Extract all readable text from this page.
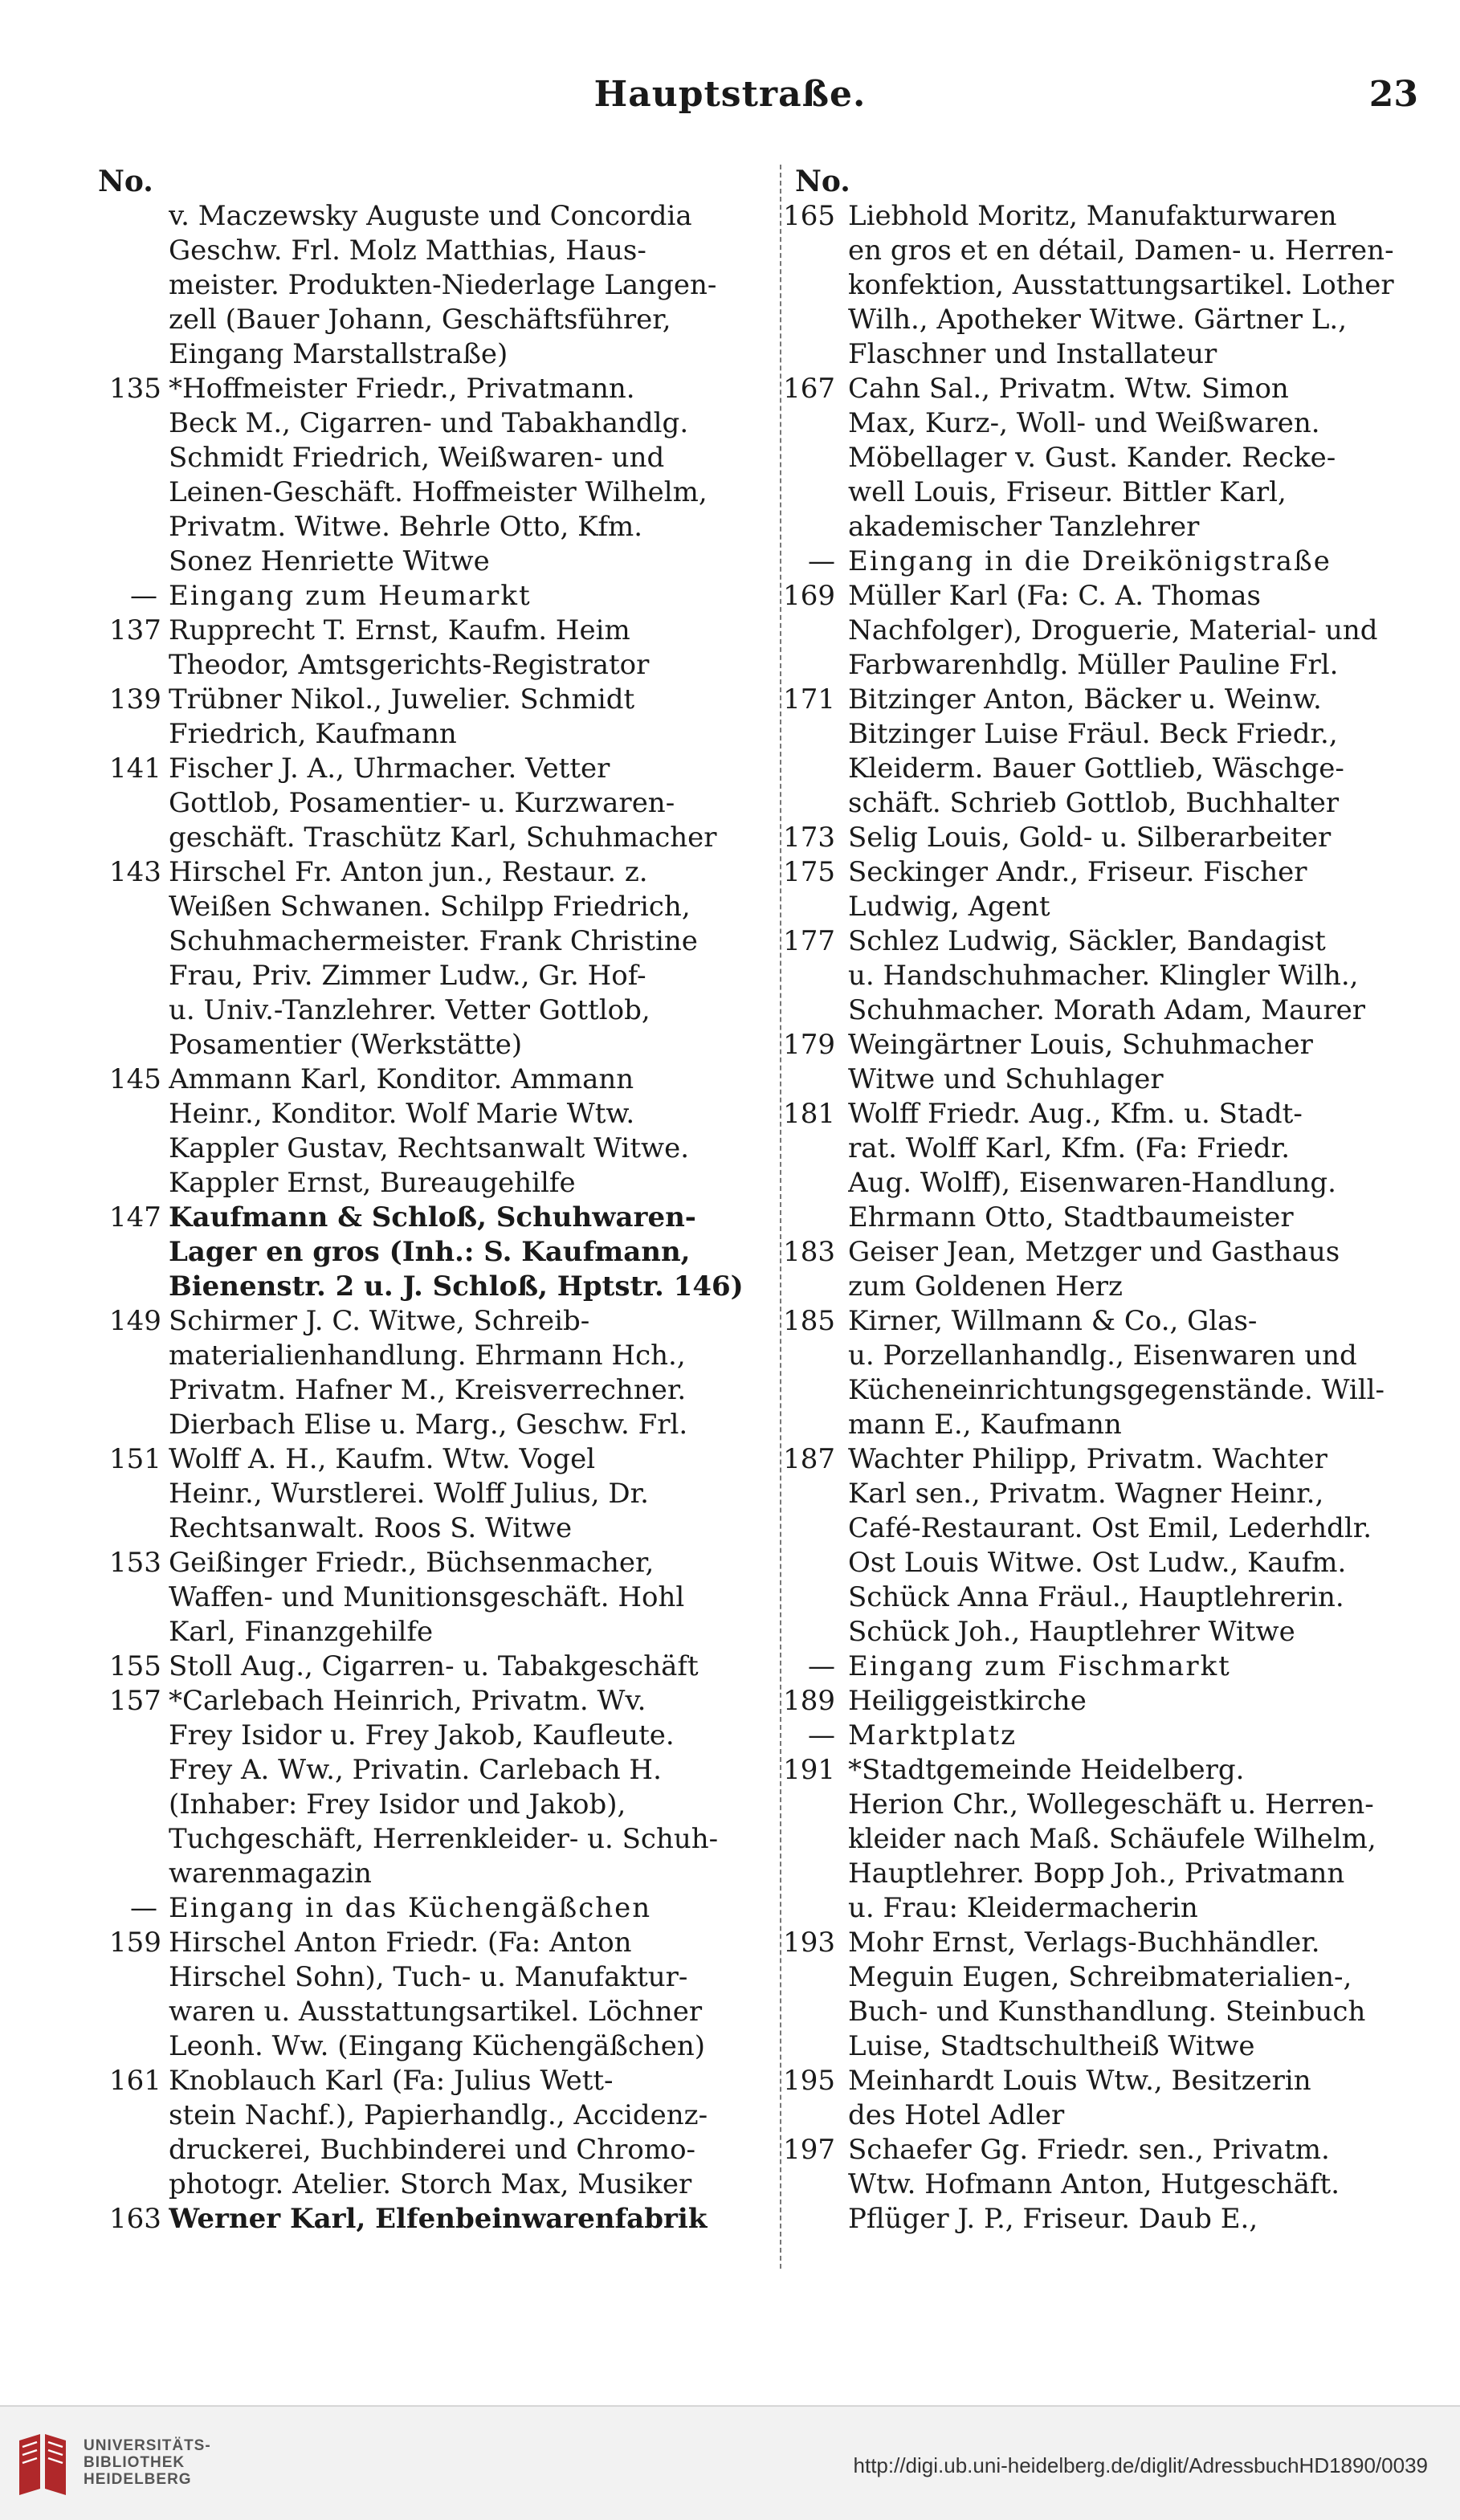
Hauptstraße.	23
No.
v. Maczewsky Auguste und Concordia
Geschw. Frl. Molz Matthias, Haus-
meister. Produkten-Niederlage Langen-
zell (Bauer Johann, Geschäftsführer,
Eingang Marstallstraße)
135 *Hoffmeister Friedr., Privatmann.
Beck M., Cigarren- und Tabakhandlg.
Schmidt Friedrich, Weißwaren- und
Leinen-Geschäft. Hoffmeister Wilhelm,
Privatm. Witwe. Behrle Otto, Kfm.
Sonez Henriette Witwe
— Eingang zum Heumarkt
137 Rupprecht T. Ernst, Kaufm. Heim
Theodor, Amtsgerichts-Registrator
139 Trübner Nikol., Juwelier. Schmidt
Friedrich, Kaufmann
141 Fischer J. A., Uhrmacher. Vetter
Gottlob, Posamentier- u. Kurzwaren-
geschäft. Traschütz Karl, Schuhmacher
143 Hirschel Fr. Anton jun., Restaur. z.
Weißen Schwanen. Schilpp Friedrich,
Schuhmachermeister. Frank Christine
Frau, Priv. Zimmer Ludw., Gr. Hof-
u. Univ.-Tanzlehrer. Vetter Gottlob,
Posamentier (Werkstätte)
145 Ammann Karl, Konditor. Ammann
Heinr., Konditor. Wolf Marie Wtw.
Kappler Gustav, Rechtsanwalt Witwe.
Kappler Ernst, Bureaugehilfe
147 Kaufmann & Schloß, Schuhwaren-
Lager en gros (Inh.: S. Kaufmann,
Bienenstr. 2 u. J. Schloß, Hptstr. 146)
149 Schirmer J. C. Witwe, Schreib-
materialienhandlung. Ehrmann Hch.,
Privatm. Hafner M., Kreisverrechner.
Dierbach Elise u. Marg., Geschw. Frl.
151 Wolff A. H., Kaufm. Wtw. Vogel
Heinr., Wurstlerei. Wolff Julius, Dr.
Rechtsanwalt. Roos S. Witwe
153 Geißinger Friedr., Büchsenmacher,
Waffen- und Munitionsgeschäft. Hohl
Karl, Finanzgehilfe
155 Stoll Aug., Cigarren- u. Tabakgeschäft
157 *Carlebach Heinrich, Privatm. Wv.
Frey Isidor u. Frey Jakob, Kaufleute.
Frey A. Ww., Privatin. Carlebach H.
(Inhaber: Frey Isidor und Jakob),
Tuchgeschäft, Herrenkleider- u. Schuh-
warenmagazin
— Eingang in das Küchengäßchen
159 Hirschel Anton Friedr. (Fa: Anton
Hirschel Sohn), Tuch- u. Manufaktur-
waren u. Ausstattungsartikel. Löchner
Leonh. Ww. (Eingang Küchengäßchen)
161 Knoblauch Karl (Fa: Julius Wett-
stein Nachf.), Papierhandlg., Accidenz-
druckerei, Buchbinderei und Chromo-
photogr. Atelier. Storch Max, Musiker
163 Werner Karl, Elfenbeinwarenfabrik
No.
165 Liebhold Moritz, Manufakturwaren
en gros et en détail, Damen- u. Herren-
konfektion, Ausstattungsartikel. Lother
Wilh., Apotheker Witwe. Gärtner L.,
Flaschner und Installateur
167 Cahn Sal., Privatm. Wtw. Simon
Max, Kurz-, Woll- und Weißwaren.
Möbellager v. Gust. Kander. Recke-
well Louis, Friseur. Bittler Karl,
akademischer Tanzlehrer
— Eingang in die Dreikönigstraße
169 Müller Karl (Fa: C. A. Thomas
Nachfolger), Droguerie, Material- und
Farbwarenhdlg. Müller Pauline Frl.
171 Bitzinger Anton, Bäcker u. Weinw.
Bitzinger Luise Fräul. Beck Friedr.,
Kleiderm. Bauer Gottlieb, Wäschge-
schäft. Schrieb Gottlob, Buchhalter
173 Selig Louis, Gold- u. Silberarbeiter
175 Seckinger Andr., Friseur. Fischer
Ludwig, Agent
177 Schlez Ludwig, Säckler, Bandagist
u. Handschuhmacher. Klingler Wilh.,
Schuhmacher. Morath Adam, Maurer
179 Weingärtner Louis, Schuhmacher
Witwe und Schuhlager
181 Wolff Friedr. Aug., Kfm. u. Stadt-
rat. Wolff Karl, Kfm. (Fa: Friedr.
Aug. Wolff), Eisenwaren-Handlung.
Ehrmann Otto, Stadtbaumeister
183 Geiser Jean, Metzger und Gasthaus
zum Goldenen Herz
185 Kirner, Willmann & Co., Glas-
u. Porzellanhandlg., Eisenwaren und
Kücheneinrichtungsgegenstände. Will-
mann E., Kaufmann
187 Wachter Philipp, Privatm. Wachter
Karl sen., Privatm. Wagner Heinr.,
Café-Restaurant. Ost Emil, Lederhdlr.
Ost Louis Witwe. Ost Ludw., Kaufm.
Schück Anna Fräul., Hauptlehrerin.
Schück Joh., Hauptlehrer Witwe
— Eingang zum Fischmarkt
189 Heiliggeistkirche
— Marktplatz
191 *Stadtgemeinde Heidelberg.
Herion Chr., Wollegeschäft u. Herren-
kleider nach Maß. Schäufele Wilhelm,
Hauptlehrer. Bopp Joh., Privatmann
u. Frau: Kleidermacherin
193 Mohr Ernst, Verlags-Buchhändler.
Meguin Eugen, Schreibmaterialien-,
Buch- und Kunsthandlung. Steinbuch
Luise, Stadtschultheiß Witwe
195 Meinhardt Louis Wtw., Besitzerin
des Hotel Adler
197 Schaefer Gg. Friedr. sen., Privatm.
Wtw. Hofmann Anton, Hutgeschäft.
Pflüger J. P., Friseur. Daub E.,
UNIVERSITÄTS-
BIBLIOTHEK
HEIDELBERG
http://digi.ub.uni-heidelberg.de/diglit/AdressbuchHD1890/0039
